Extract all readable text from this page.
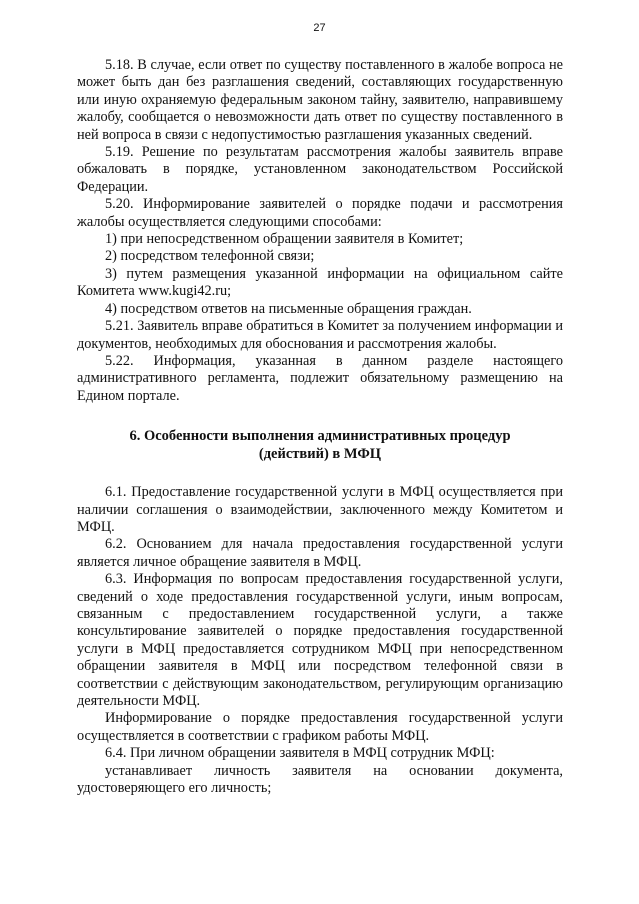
27

5.18. В случае, если ответ по существу поставленного в жалобе вопроса не может быть дан без разглашения сведений, составляющих государственную или иную охраняемую федеральным законом тайну, заявителю, направившему жалобу, сообщается о невозможности дать ответ по существу поставленного в ней вопроса в связи с недопустимостью разглашения указанных сведений.

5.19. Решение по результатам рассмотрения жалобы заявитель вправе обжаловать в порядке, установленном законодательством Российской Федерации.

5.20. Информирование заявителей о порядке подачи и рассмотрения жалобы осуществляется следующими способами:

1) при непосредственном обращении заявителя в Комитет;

2) посредством телефонной связи;

3) путем размещения указанной информации на официальном сайте Комитета www.kugi42.ru;

4) посредством ответов на письменные обращения граждан.

5.21. Заявитель вправе обратиться в Комитет за получением информации и документов, необходимых для обоснования и рассмотрения жалобы.

5.22. Информация, указанная в данном разделе настоящего административного регламента, подлежит обязательному размещению на Едином портале.

6. Особенности выполнения административных процедур (действий) в МФЦ

6.1. Предоставление государственной услуги в МФЦ осуществляется при наличии соглашения о взаимодействии, заключенного между Комитетом и МФЦ.

6.2. Основанием для начала предоставления государственной услуги является личное обращение заявителя в МФЦ.

6.3. Информация по вопросам предоставления государственной услуги, сведений о ходе предоставления государственной услуги, иным вопросам, связанным с предоставлением государственной услуги, а также консультирование заявителей о порядке предоставления государственной услуги в МФЦ предоставляется сотрудником МФЦ при непосредственном обращении заявителя в МФЦ или посредством телефонной связи в соответствии с действующим законодательством, регулирующим организацию деятельности МФЦ.

Информирование о порядке предоставления государственной услуги осуществляется в соответствии с графиком работы МФЦ.

6.4. При личном обращении заявителя в МФЦ сотрудник МФЦ:

устанавливает личность заявителя на основании документа, удостоверяющего его личность;
